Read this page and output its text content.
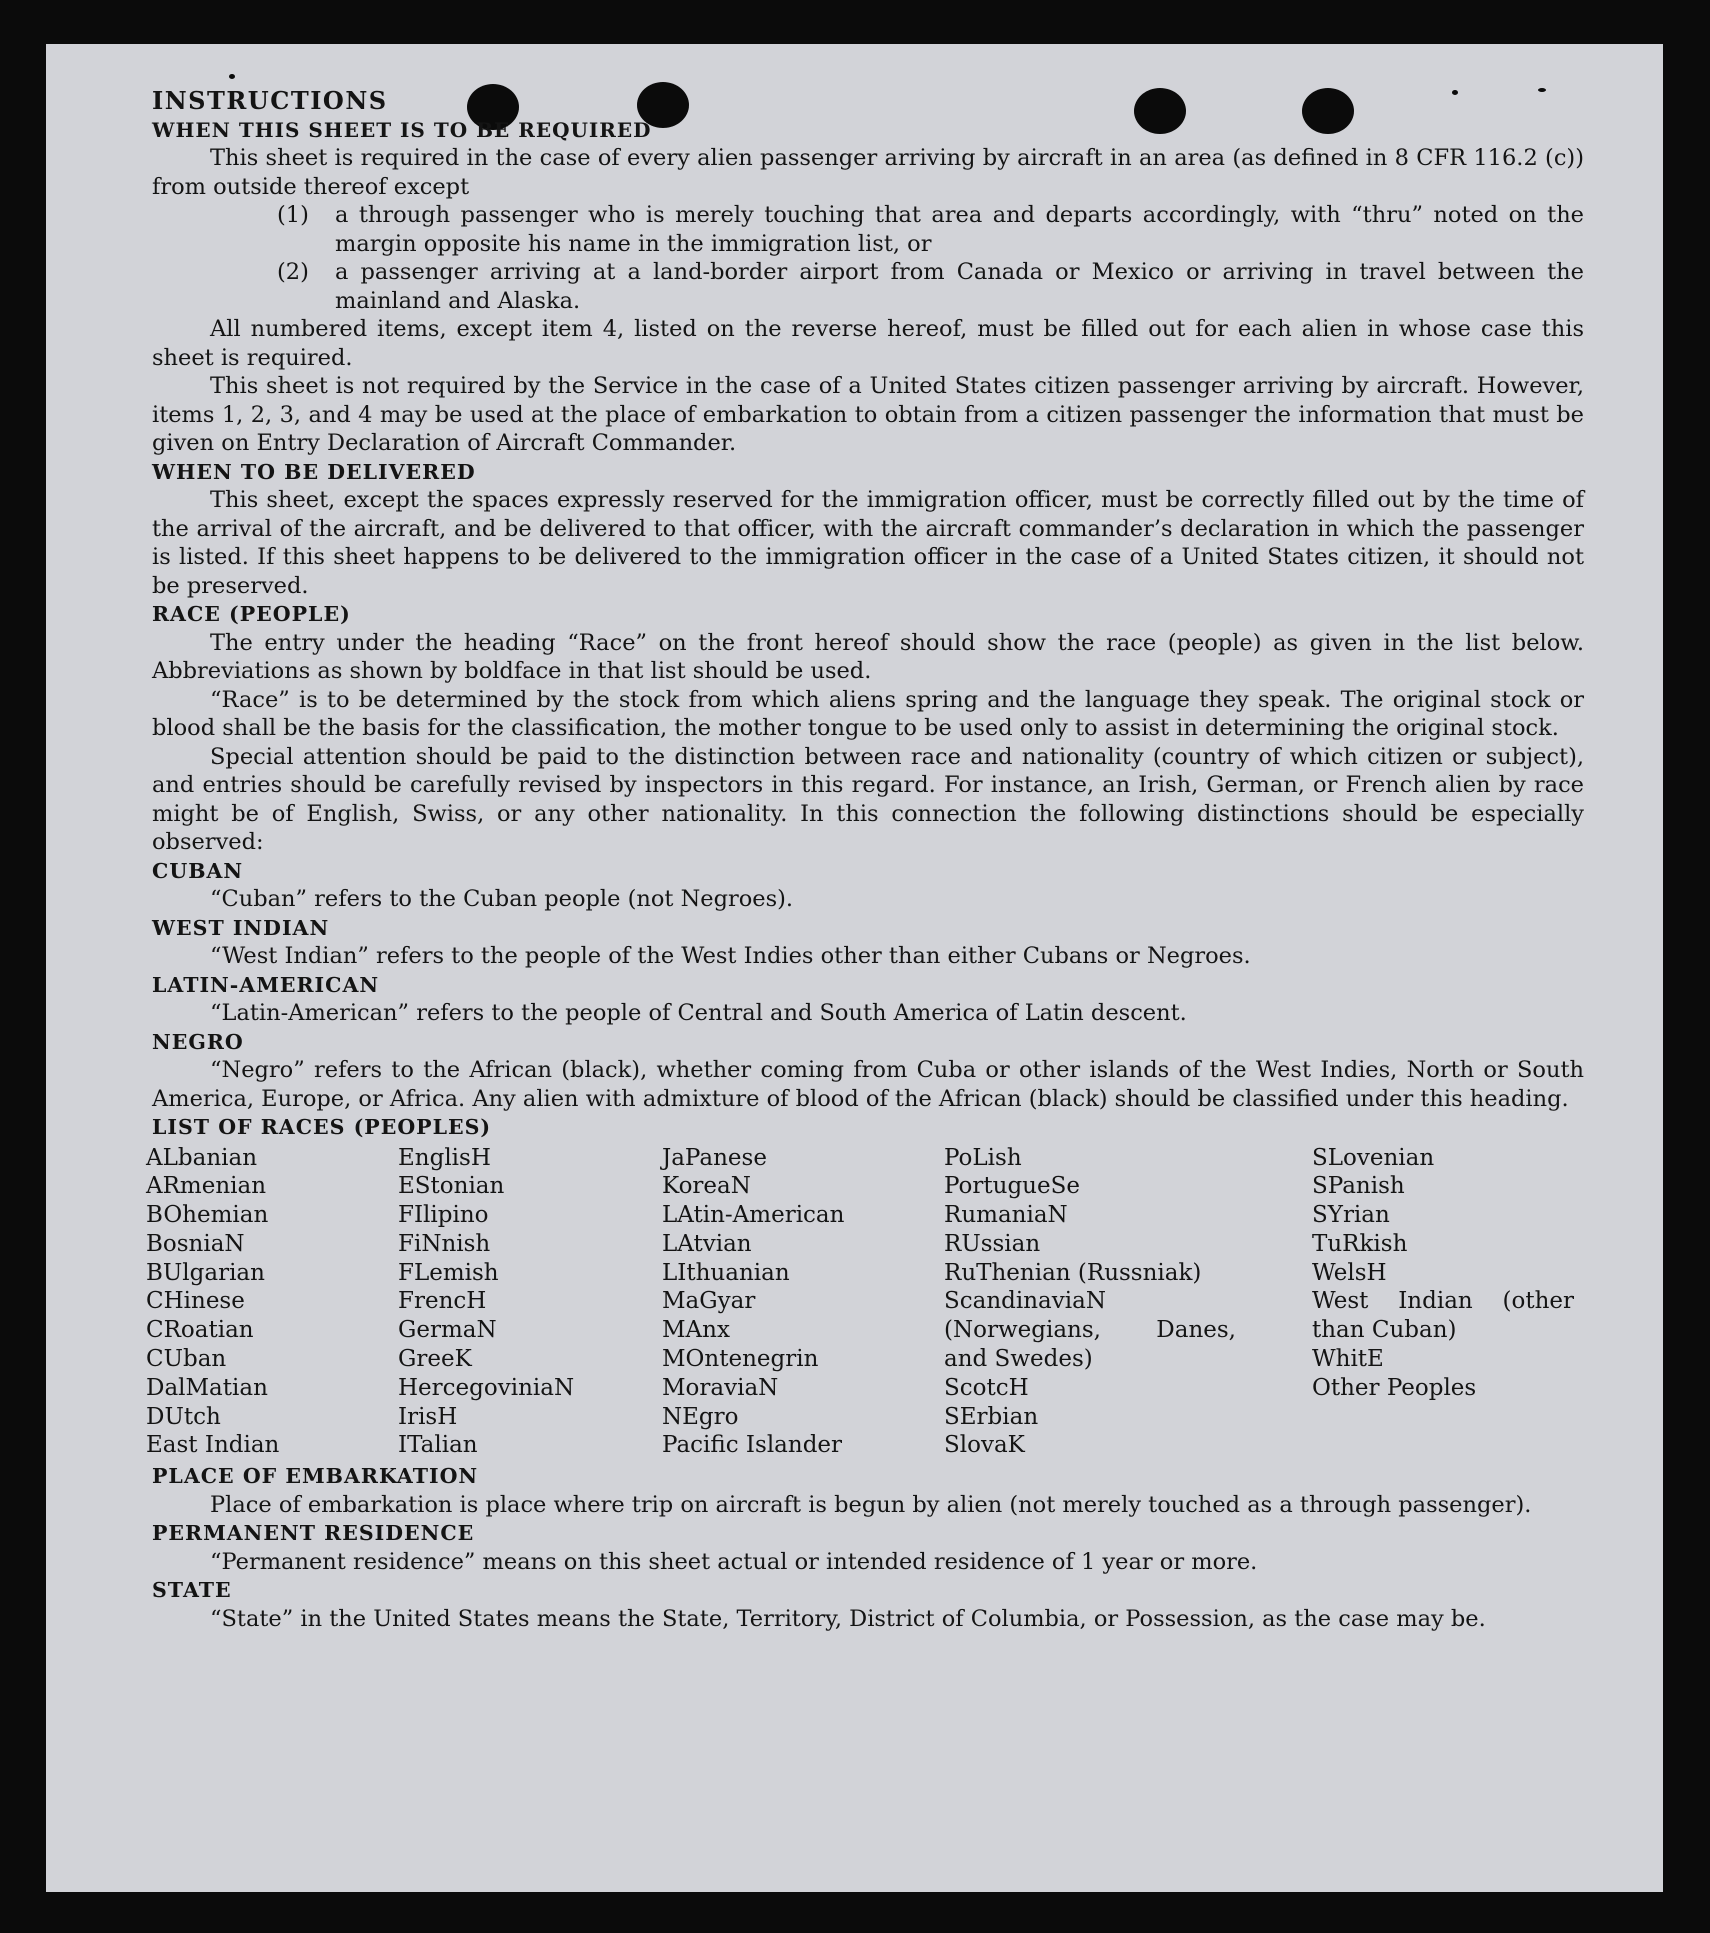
INSTRUCTIONS

WHEN THIS SHEET IS TO BE REQUIRED

This sheet is required in the case of every alien passenger arriving by aircraft in an area (as defined in 8 CFR 116.2 (c)) from outside thereof except

(1)	a through passenger who is merely touching that area and departs accordingly, with “thru” noted on the margin opposite his name in the immigration list, or
(2)	a passenger arriving at a land-border airport from Canada or Mexico or arriving in travel between the mainland and Alaska.

All numbered items, except item 4, listed on the reverse hereof, must be filled out for each alien in whose case this sheet is required.

This sheet is not required by the Service in the case of a United States citizen passenger arriving by aircraft. However, items 1, 2, 3, and 4 may be used at the place of embarkation to obtain from a citizen passenger the information that must be given on Entry Declaration of Aircraft Commander.

WHEN TO BE DELIVERED

This sheet, except the spaces expressly reserved for the immigration officer, must be correctly filled out by the time of the arrival of the aircraft, and be delivered to that officer, with the aircraft commander’s declaration in which the passenger is listed. If this sheet happens to be delivered to the immigration officer in the case of a United States citizen, it should not be preserved.

RACE (PEOPLE)

The entry under the heading “Race” on the front hereof should show the race (people) as given in the list below. Abbreviations as shown by boldface in that list should be used.

“Race” is to be determined by the stock from which aliens spring and the language they speak. The original stock or blood shall be the basis for the classification, the mother tongue to be used only to assist in determining the original stock.

Special attention should be paid to the distinction between race and nationality (country of which citizen or subject), and entries should be carefully revised by inspectors in this regard. For instance, an Irish, German, or French alien by race might be of English, Swiss, or any other nationality. In this connection the following distinctions should be especially observed:

CUBAN

“Cuban” refers to the Cuban people (not Negroes).

WEST INDIAN

“West Indian” refers to the people of the West Indies other than either Cubans or Negroes.

LATIN-AMERICAN

“Latin-American” refers to the people of Central and South America of Latin descent.

NEGRO

“Negro” refers to the African (black), whether coming from Cuba or other islands of the West Indies, North or South America, Europe, or Africa. Any alien with admixture of blood of the African (black) should be classified under this heading.

LIST OF RACES (PEOPLES)

ALbanian
ARmenian
BOhemian
BosniaN
BUlgarian
CHinese
CRoatian
CUban
DalMatian
DUtch
East Indian
EnglisH
EStonian
FIlipino
FiNnish
FLemish
FrencH
GermaN
GreeK
HercegoviniaN
IrisH
ITalian
JaPanese
KoreaN
LAtin-American
LAtvian
LIthuanian
MaGyar
MAnx
MOntenegrin
MoraviaN
NEgro
Pacific Islander
PoLish
PortugueSe
RumaniaN
RUssian
RuThenian (Russniak)
ScandinaviaN (Norwegians, Danes, and Swedes)
ScotcH
SErbian
SlovaK
SLovenian
SPanish
SYrian
TuRkish
WelsH
West Indian (other than Cuban)
WhitE
Other Peoples

PLACE OF EMBARKATION

Place of embarkation is place where trip on aircraft is begun by alien (not merely touched as a through passenger).

PERMANENT RESIDENCE

“Permanent residence” means on this sheet actual or intended residence of 1 year or more.

STATE

“State” in the United States means the State, Territory, District of Columbia, or Possession, as the case may be.
